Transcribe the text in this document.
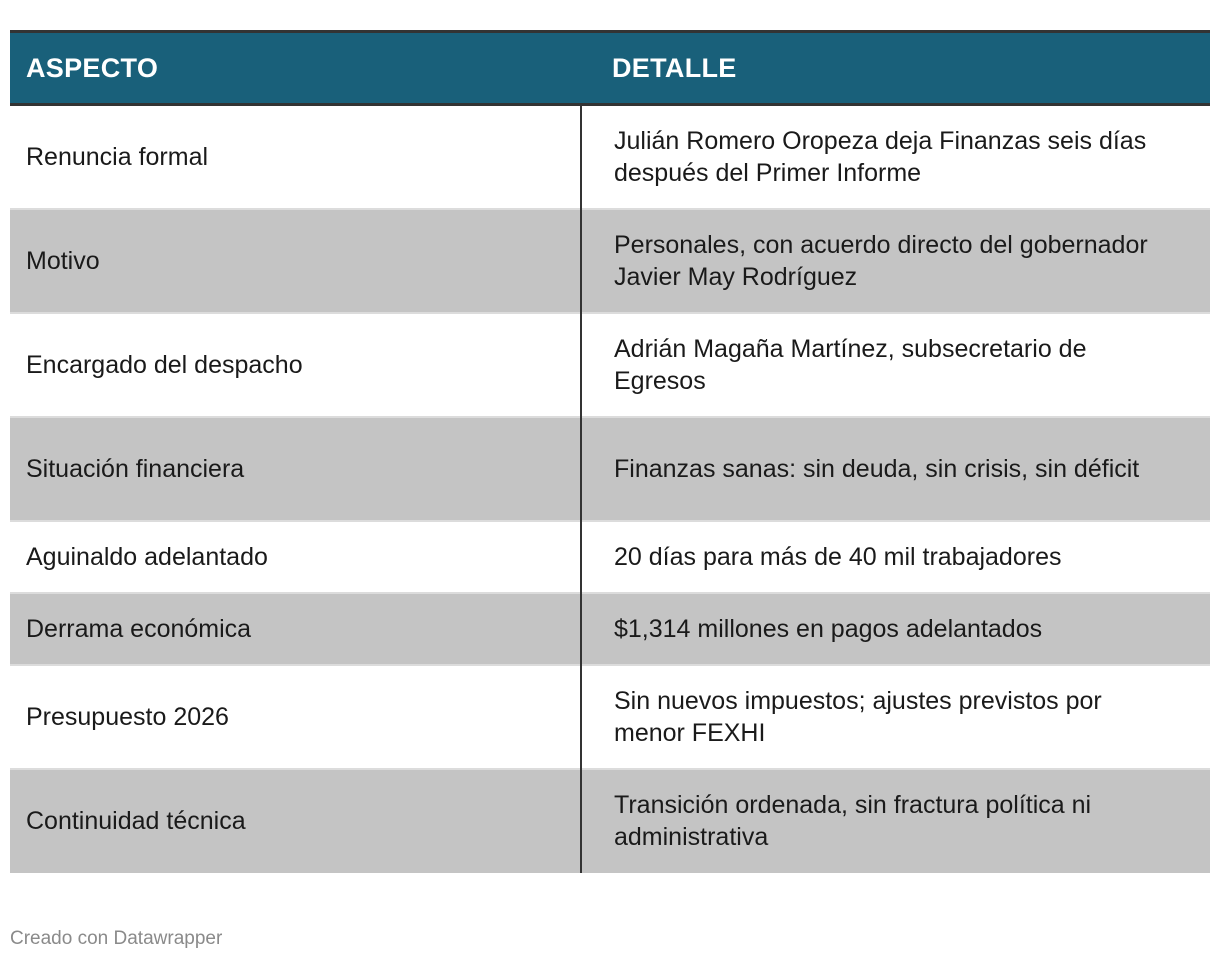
ASPECTO	DETALLE
Renuncia formal	Julián Romero Oropeza deja Finanzas seis días después del Primer Informe
Motivo	Personales, con acuerdo directo del gobernador Javier May Rodríguez
Encargado del despacho	Adrián Magaña Martínez, subsecretario de Egresos
Situación financiera	Finanzas sanas: sin deuda, sin crisis, sin déficit
Aguinaldo adelantado	20 días para más de 40 mil trabajadores
Derrama económica	$1,314 millones en pagos adelantados
Presupuesto 2026	Sin nuevos impuestos; ajustes previstos por menor FEXHI
Continuidad técnica	Transición ordenada, sin fractura política ni administrativa
Creado con Datawrapper
